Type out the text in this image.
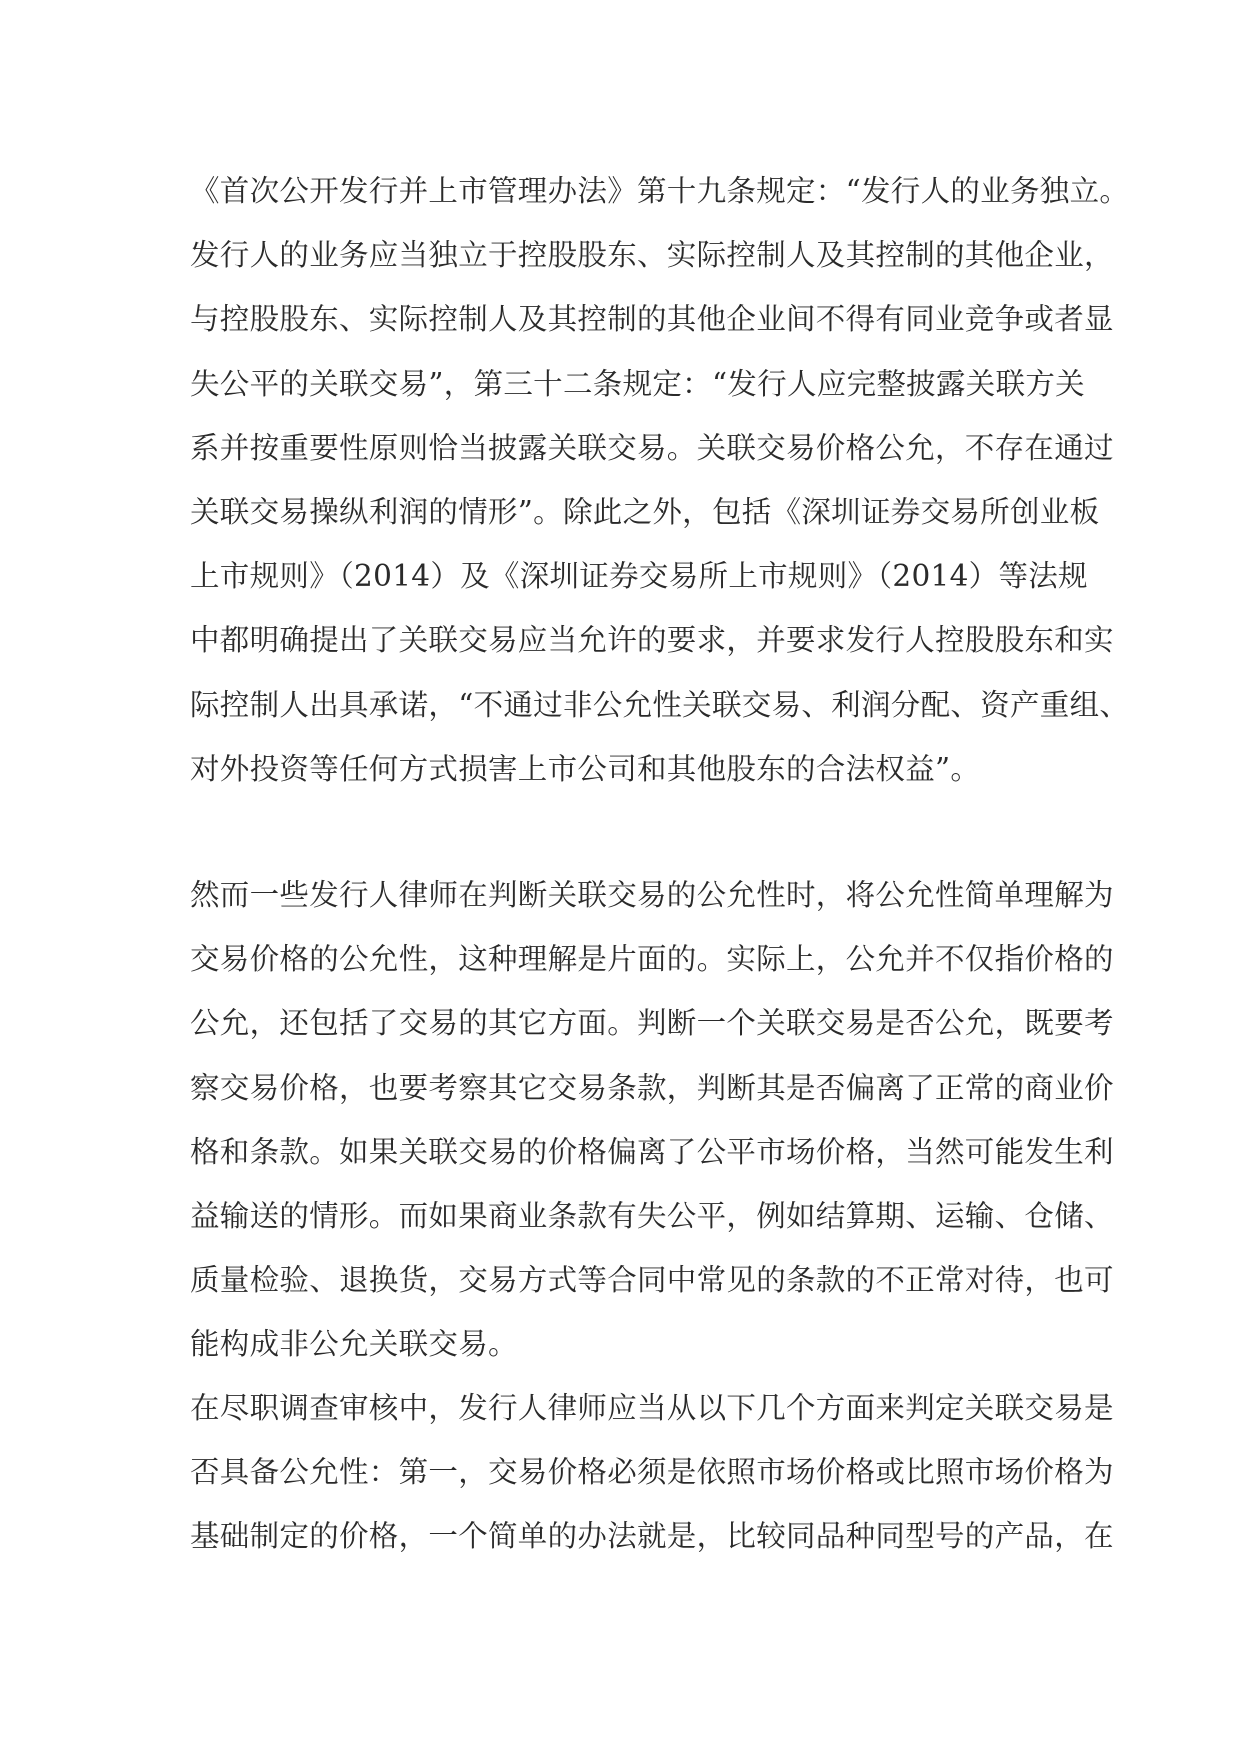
《首次公开发行并上市管理办法》第十九条规定：“发行人的业务独立。
发行人的业务应当独立于控股股东、实际控制人及其控制的其他企业，
与控股股东、实际控制人及其控制的其他企业间不得有同业竞争或者显
失公平的关联交易”，第三十二条规定：“发行人应完整披露关联方关
系并按重要性原则恰当披露关联交易。关联交易价格公允，不存在通过
关联交易操纵利润的情形”。除此之外，包括《深圳证券交易所创业板
上市规则》（2014）及《深圳证券交易所上市规则》（2014）等法规
中都明确提出了关联交易应当允许的要求，并要求发行人控股股东和实
际控制人出具承诺，“不通过非公允性关联交易、利润分配、资产重组、
对外投资等任何方式损害上市公司和其他股东的合法权益”。
然而一些发行人律师在判断关联交易的公允性时，将公允性简单理解为
交易价格的公允性，这种理解是片面的。实际上，公允并不仅指价格的
公允，还包括了交易的其它方面。判断一个关联交易是否公允，既要考
察交易价格，也要考察其它交易条款，判断其是否偏离了正常的商业价
格和条款。如果关联交易的价格偏离了公平市场价格，当然可能发生利
益输送的情形。而如果商业条款有失公平，例如结算期、运输、仓储、
质量检验、退换货，交易方式等合同中常见的条款的不正常对待，也可
能构成非公允关联交易。
在尽职调查审核中，发行人律师应当从以下几个方面来判定关联交易是
否具备公允性：第一，交易价格必须是依照市场价格或比照市场价格为
基础制定的价格，一个简单的办法就是，比较同品种同型号的产品，在
